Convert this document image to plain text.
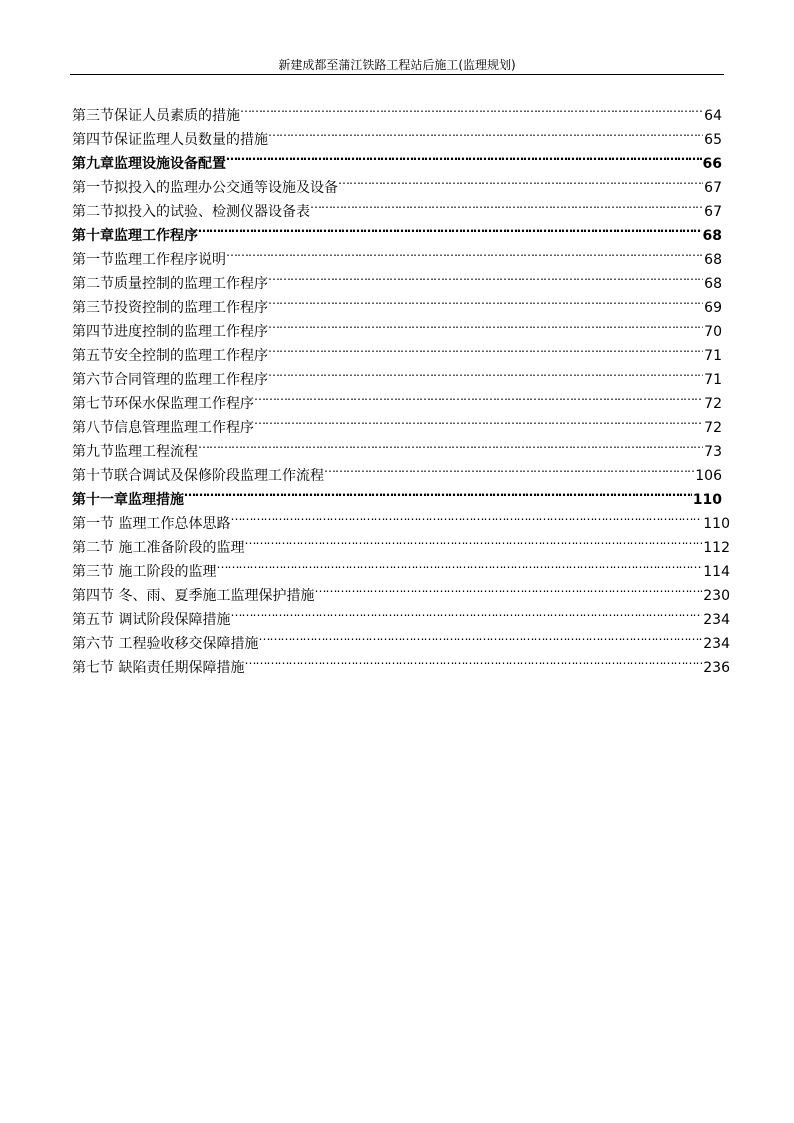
新建成都至蒲江铁路工程站后施工(监理规划)
第三节保证人员素质的措施 ………………………………………………………………………………………………………………………………………………………………………………………………………………………………	64
第四节保证监理人员数量的措施 ………………………………………………………………………………………………………………………………………………………………………………………………………………………………	65
第九章监理设施设备配置 ………………………………………………………………………………………………………………………………………………………………………………………………………………………………	66
第一节拟投入的监理办公交通等设施及设备 ………………………………………………………………………………………………………………………………………………………………………………………………………………………………	67
第二节拟投入的试验、检测仪器设备表 ………………………………………………………………………………………………………………………………………………………………………………………………………………………………	67
第十章监理工作程序 ………………………………………………………………………………………………………………………………………………………………………………………………………………………………	68
第一节监理工作程序说明 ………………………………………………………………………………………………………………………………………………………………………………………………………………………………	68
第二节质量控制的监理工作程序 ………………………………………………………………………………………………………………………………………………………………………………………………………………………………	68
第三节投资控制的监理工作程序 ………………………………………………………………………………………………………………………………………………………………………………………………………………………………	69
第四节进度控制的监理工作程序 ………………………………………………………………………………………………………………………………………………………………………………………………………………………………	70
第五节安全控制的监理工作程序 ………………………………………………………………………………………………………………………………………………………………………………………………………………………………	71
第六节合同管理的监理工作程序 ………………………………………………………………………………………………………………………………………………………………………………………………………………………………	71
第七节环保水保监理工作程序 ………………………………………………………………………………………………………………………………………………………………………………………………………………………………	72
第八节信息管理监理工作程序 ………………………………………………………………………………………………………………………………………………………………………………………………………………………………	72
第九节监理工程流程 ………………………………………………………………………………………………………………………………………………………………………………………………………………………………	73
第十节联合调试及保修阶段监理工作流程 ………………………………………………………………………………………………………………………………………………………………………………………………………………………………	106
第十一章监理措施 ………………………………………………………………………………………………………………………………………………………………………………………………………………………………	110
第一节 监理工作总体思路 ………………………………………………………………………………………………………………………………………………………………………………………………………………………………	110
第二节 施工准备阶段的监理 ………………………………………………………………………………………………………………………………………………………………………………………………………………………………	112
第三节 施工阶段的监理 ………………………………………………………………………………………………………………………………………………………………………………………………………………………………	114
第四节 冬、雨、夏季施工监理保护措施 ………………………………………………………………………………………………………………………………………………………………………………………………………………………………	230
第五节 调试阶段保障措施 ………………………………………………………………………………………………………………………………………………………………………………………………………………………………	234
第六节 工程验收移交保障措施 ………………………………………………………………………………………………………………………………………………………………………………………………………………………………	234
第七节 缺陷责任期保障措施 ………………………………………………………………………………………………………………………………………………………………………………………………………………………………	236
